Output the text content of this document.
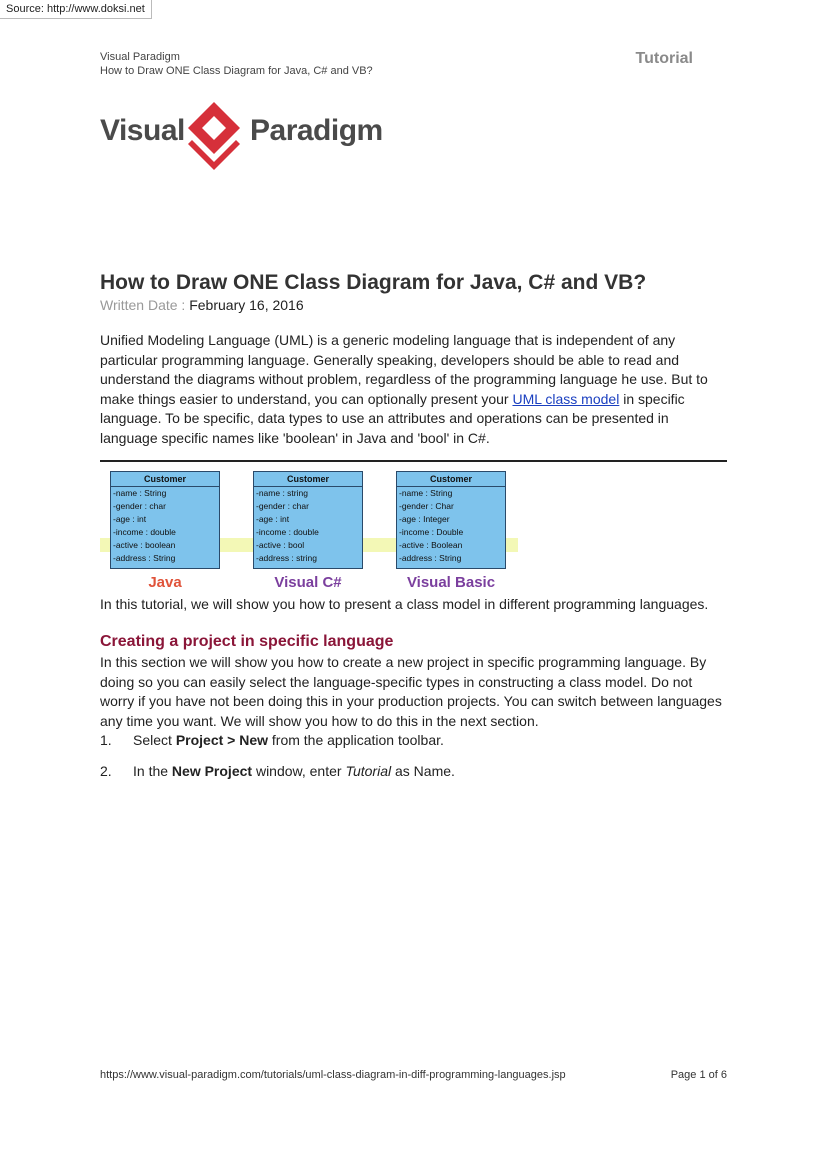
Source: http://www.doksi.net
Visual Paradigm
How to Draw ONE Class Diagram for Java, C# and VB?
Tutorial
Visual Paradigm
How to Draw ONE Class Diagram for Java, C# and VB?
Written Date : February 16, 2016
Unified Modeling Language (UML) is a generic modeling language that is independent of any particular programming language. Generally speaking, developers should be able to read and understand the diagrams without problem, regardless of the programming language he use. But to make things easier to understand, you can optionally present your UML class model in specific language. To be specific, data types to use an attributes and operations can be presented in language specific names like 'boolean' in Java and 'bool' in C#.
Customer
-name : String
-gender : char
-age : int
-income : double
-active : boolean
-address : String
Customer
-name : string
-gender : char
-age : int
-income : double
-active : bool
-address : string
Customer
-name : String
-gender : Char
-age : Integer
-income : Double
-active : Boolean
-address : String
Java	Visual C#	Visual Basic
In this tutorial, we will show you how to present a class model in different programming languages.
Creating a project in specific language
In this section we will show you how to create a new project in specific programming language. By doing so you can easily select the language-specific types in constructing a class model. Do not worry if you have not been doing this in your production projects. You can switch between languages any time you want. We will show you how to do this in the next section.
1. Select Project > New from the application toolbar.
2. In the New Project window, enter Tutorial as Name.
https://www.visual-paradigm.com/tutorials/uml-class-diagram-in-diff-programming-languages.jsp	Page 1 of 6
